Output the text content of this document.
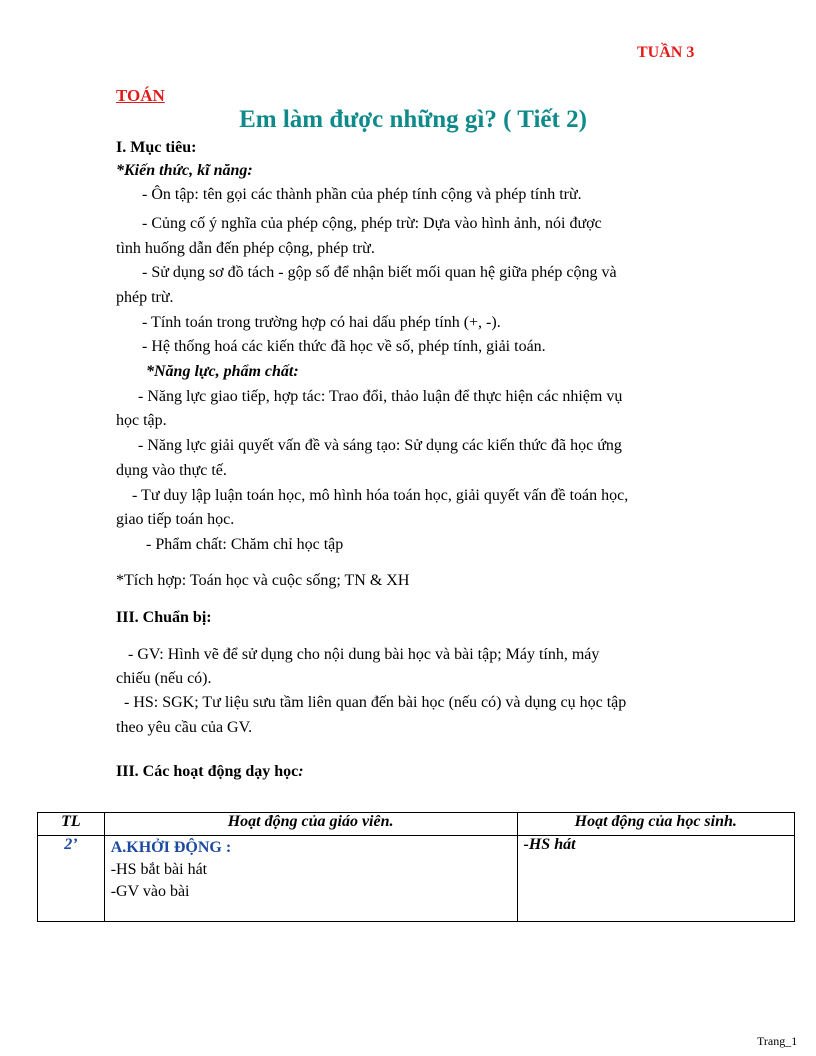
TUẦN 3
TOÁN
Em làm được những gì? ( Tiết 2)
I. Mục tiêu:
*Kiến thức, kĩ năng:
- Ôn tập: tên gọi các thành phần của phép tính cộng và phép tính trừ.
- Củng cố ý nghĩa của phép cộng, phép trừ: Dựa vào hình ảnh, nói được
tình huống dẫn đến phép cộng, phép trừ.
- Sử dụng sơ đồ tách - gộp số để nhận biết mối quan hệ giữa phép cộng và
phép trừ.
- Tính toán trong trường hợp có hai dấu phép tính (+, -).
- Hệ thống hoá các kiến thức đã học về số, phép tính, giải toán.
*Năng lực, phẩm chất:
- Năng lực giao tiếp, hợp tác: Trao đổi, thảo luận để thực hiện các nhiệm vụ
học tập.
- Năng lực giải quyết vấn đề và sáng tạo: Sử dụng các kiến thức đã học ứng
dụng vào thực tế.
- Tư duy lập luận toán học, mô hình hóa toán học, giải quyết vấn đề toán học,
giao tiếp toán học.
- Phẩm chất: Chăm chỉ học tập
*Tích hợp: Toán học và cuộc sống; TN & XH
III. Chuẩn bị:
- GV: Hình vẽ để sử dụng cho nội dung bài học và bài tập; Máy tính, máy
chiếu (nếu có).
- HS: SGK; Tư liệu sưu tầm liên quan đến bài học (nếu có) và dụng cụ học tập
theo yêu cầu của GV.
III. Các hoạt động dạy học:
TL	Hoạt động của giáo viên.	Hoạt động của học sinh.
2’	A.KHỞI ĐỘNG :
-HS bắt bài hát
-GV vào bài	-HS hát
Trang_1
